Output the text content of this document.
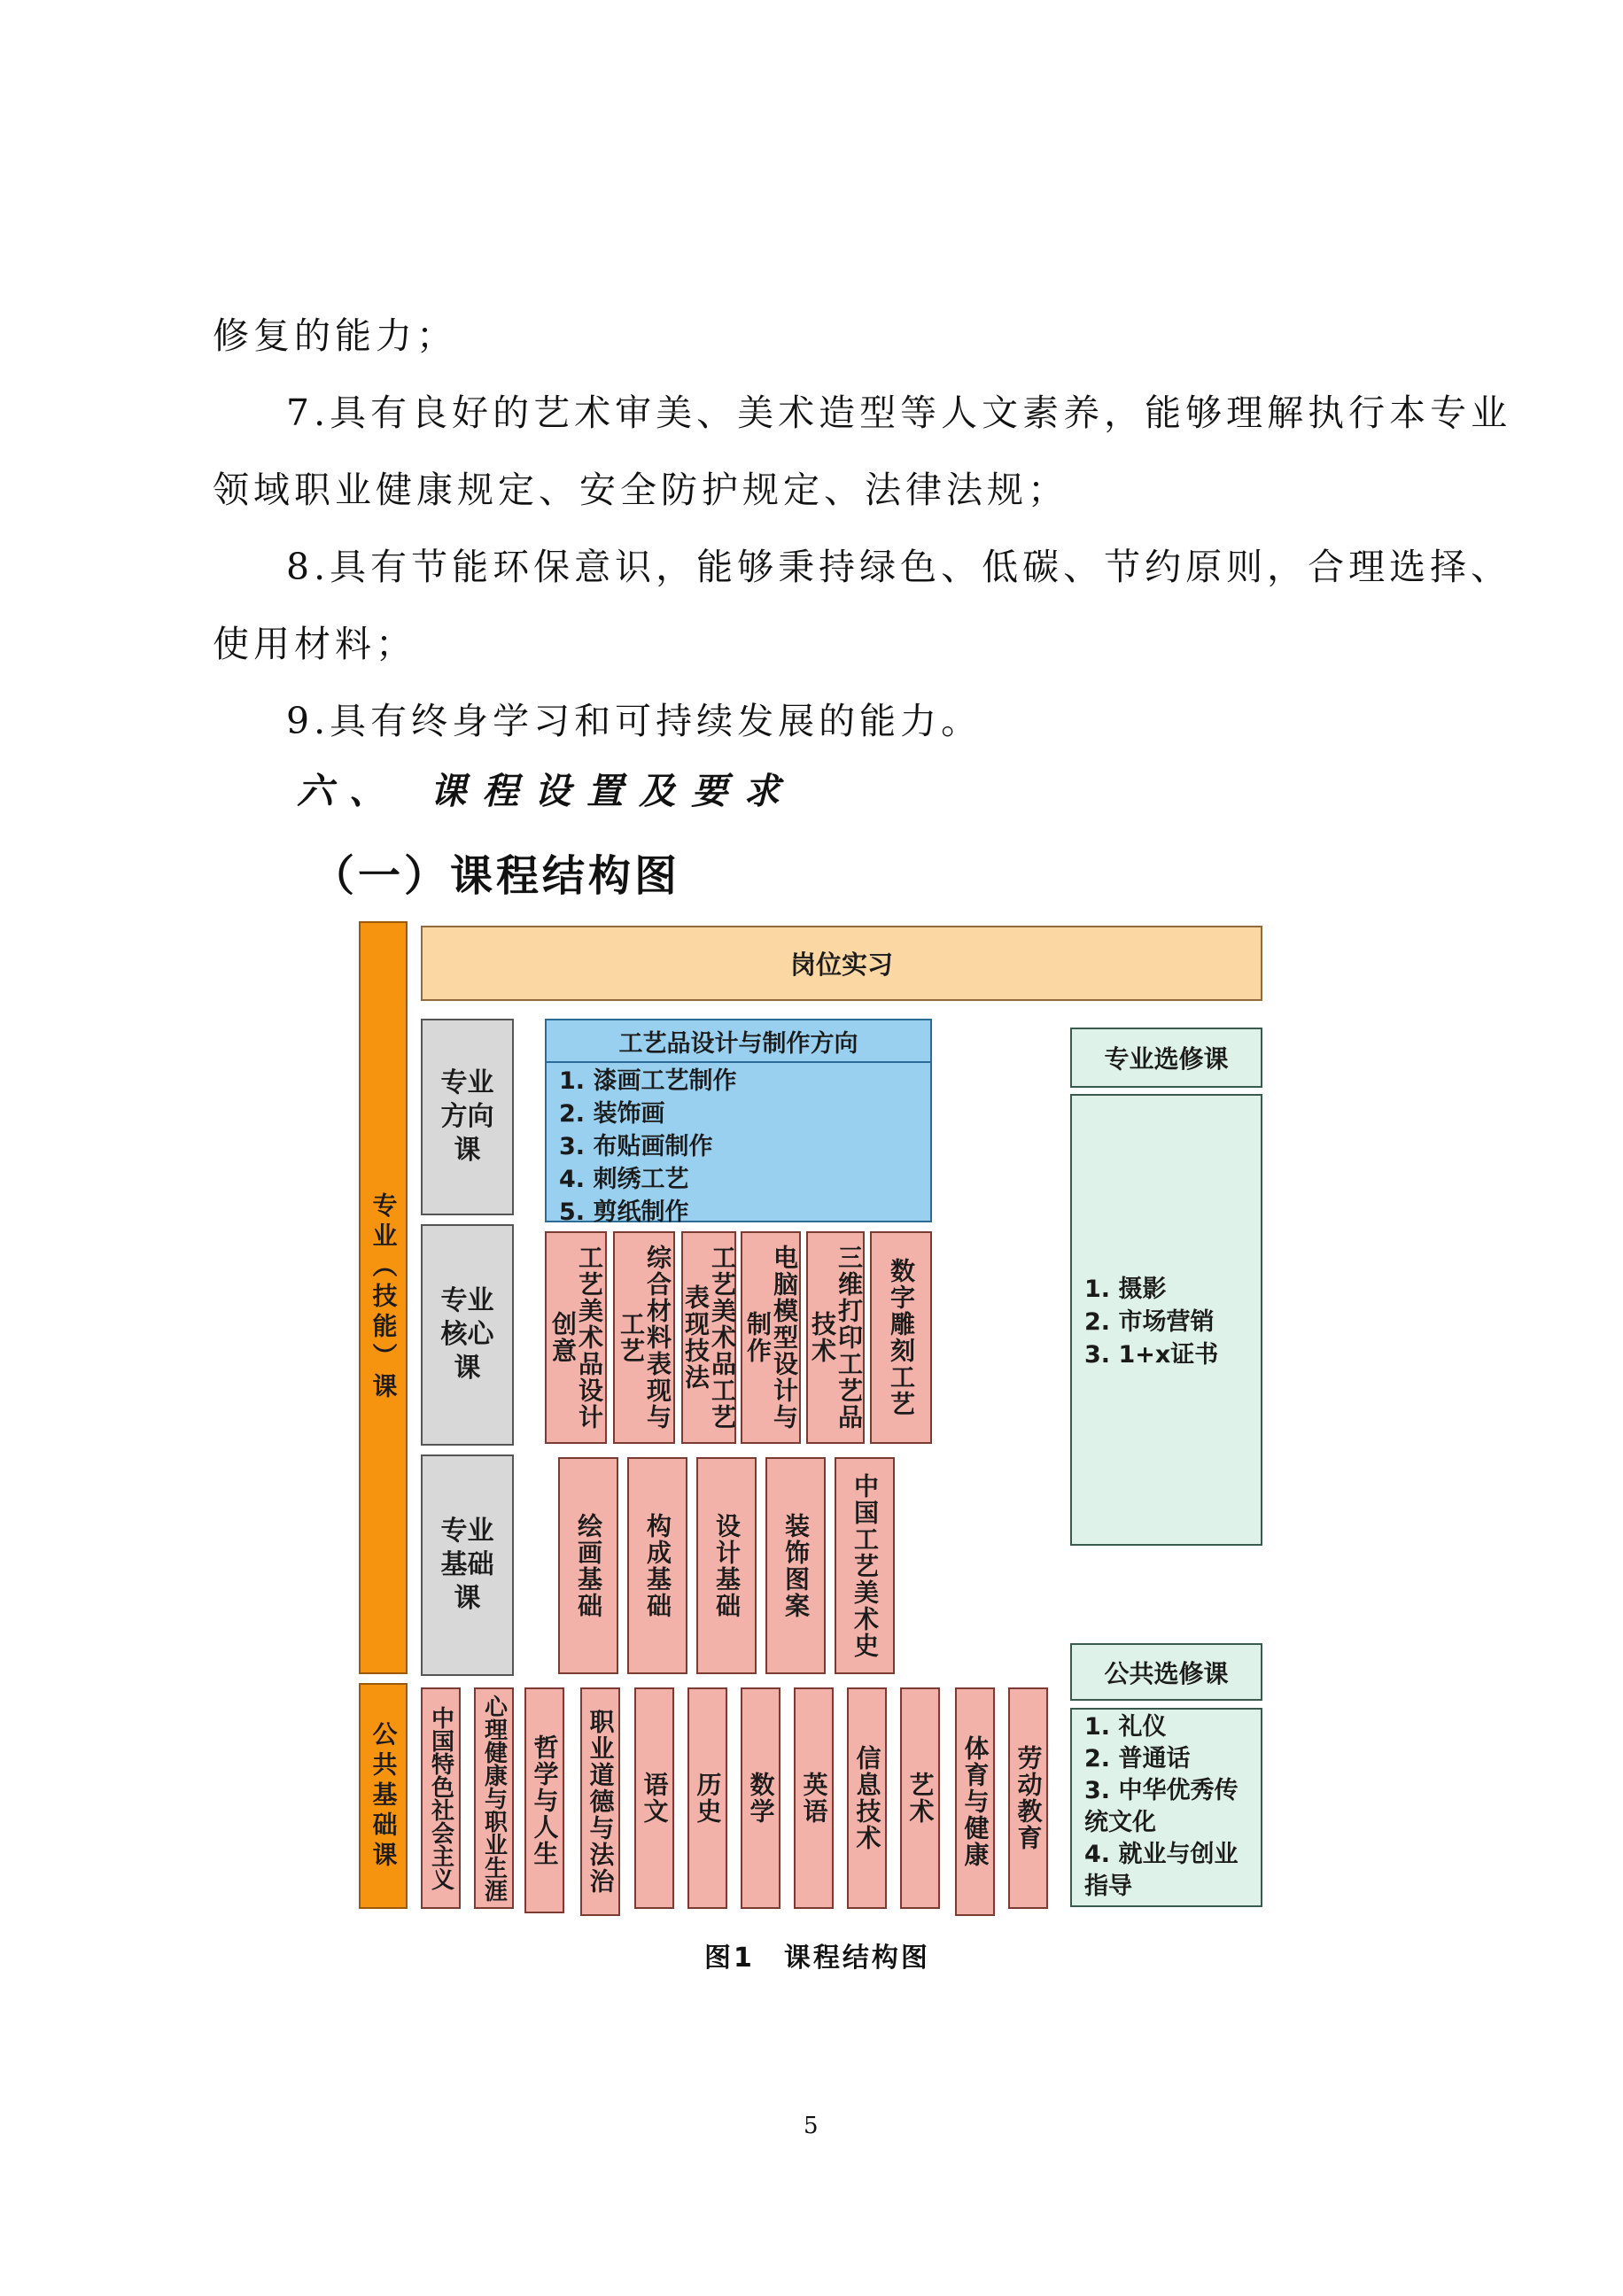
修复的能力；
7.具有良好的艺术审美、美术造型等人文素养，能够理解执行本专业
领域职业健康规定、安全防护规定、法律法规；
8.具有节能环保意识，能够秉持绿色、低碳、节约原则，合理选择、
使用材料；
9.具有终身学习和可持续发展的能力。
六、 课程设置及要求
（一）课程结构图
专业（技能）课
公共基础课
岗位实习
专业方向课
专业核心课
专业基础课
工艺品设计与制作方向
1. 漆画工艺制作
2. 装饰画
3. 布贴画制作
4. 刺绣工艺
5. 剪纸制作
工艺美术品设计创意	综合材料表现与工艺	工艺美术品工艺表现技法	电脑模型设计与制作	三维打印工艺品技术	数字雕刻工艺
绘画基础 构成基础 设计基础 装饰图案 中国工艺美术史
中国特色社会主义 心理健康与职业生涯 哲学与人生 职业道德与法治 语文 历史 数学 英语 信息技术 艺术 体育与健康 劳动教育
专业选修课
1. 摄影
2. 市场营销
3. 1+x证书
公共选修课
1. 礼仪
2. 普通话
3. 中华优秀传
统文化
4. 就业与创业
指导
图1　课程结构图
5
